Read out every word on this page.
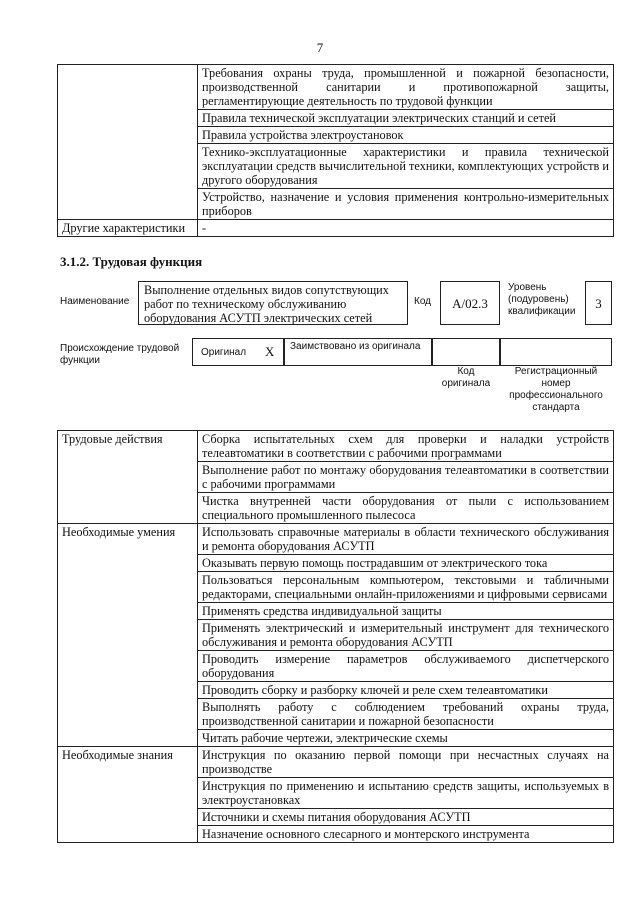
7
	Требования охраны труда, промышленной и пожарной безопасности, производственной санитарии и противопожарной защиты, регламентирующие деятельность по трудовой функции
	Правила технической эксплуатации электрических станций и сетей
	Правила устройства электроустановок
	Технико-эксплуатационные характеристики и правила технической эксплуатации средств вычислительной техники, комплектующих устройств и другого оборудования
	Устройство, назначение и условия применения контрольно-измерительных приборов
Другие характеристики	-
3.1.2. Трудовая функция
Наименование
Выполнение отдельных видов сопутствующих работ по техническому обслуживанию оборудования АСУТП электрических сетей
Код	A/02.3
Уровень (подуровень) квалификации
3
Происхождение трудовой функции
Оригинал X Заимствовано из оригинала
Код оригинала
Регистрационный номер профессионального стандарта
Трудовые действия	Сборка испытательных схем для проверки и наладки устройств телеавтоматики в соответствии с рабочими программами
	Выполнение работ по монтажу оборудования телеавтоматики в соответствии с рабочими программами
	Чистка внутренней части оборудования от пыли с использованием специального промышленного пылесоса
Необходимые умения	Использовать справочные материалы в области технического обслуживания и ремонта оборудования АСУТП
	Оказывать первую помощь пострадавшим от электрического тока
	Пользоваться персональным компьютером, текстовыми и табличными редакторами, специальными онлайн-приложениями и цифровыми сервисами
	Применять средства индивидуальной защиты
	Применять электрический и измерительный инструмент для технического обслуживания и ремонта оборудования АСУТП
	Проводить измерение параметров обслуживаемого диспетчерского оборудования
	Проводить сборку и разборку ключей и реле схем телеавтоматики
	Выполнять работу с соблюдением требований охраны труда, производственной санитарии и пожарной безопасности
	Читать рабочие чертежи, электрические схемы
Необходимые знания	Инструкция по оказанию первой помощи при несчастных случаях на производстве
	Инструкция по применению и испытанию средств защиты, используемых в электроустановках
	Источники и схемы питания оборудования АСУТП
	Назначение основного слесарного и монтерского инструмента
